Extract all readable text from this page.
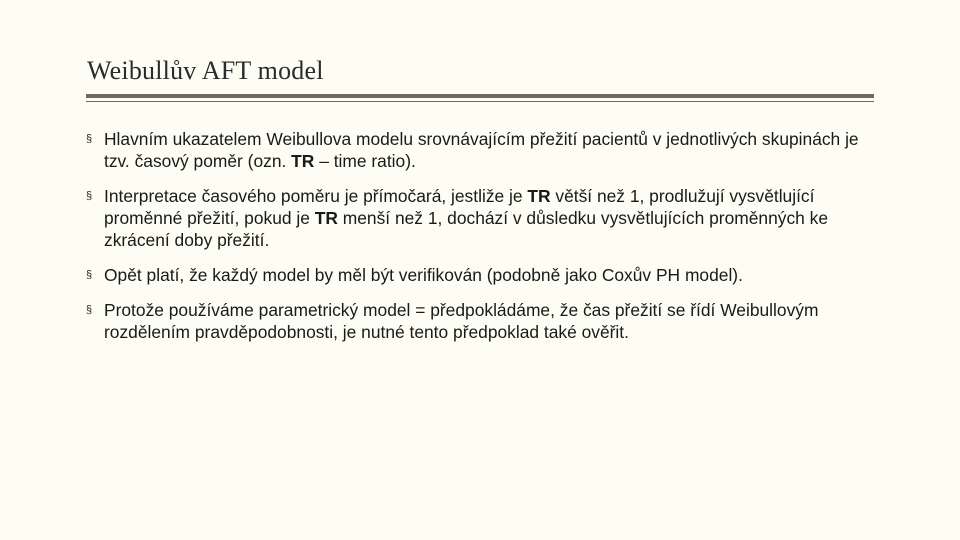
Weibullův AFT model
§ Hlavním ukazatelem Weibullova modelu srovnávajícím přežití pacientů v jednotlivých skupinách je tzv. časový poměr (ozn. TR – time ratio).
§ Interpretace časového poměru je přímočará, jestliže je TR větší než 1, prodlužují vysvětlující proměnné přežití, pokud je TR menší než 1, dochází v důsledku vysvětlujících proměnných ke zkrácení doby přežití.
§ Opět platí, že každý model by měl být verifikován (podobně jako Coxův PH model).
§ Protože používáme parametrický model = předpokládáme, že čas přežití se řídí Weibullovým rozdělením pravděpodobnosti, je nutné tento předpoklad také ověřit.
